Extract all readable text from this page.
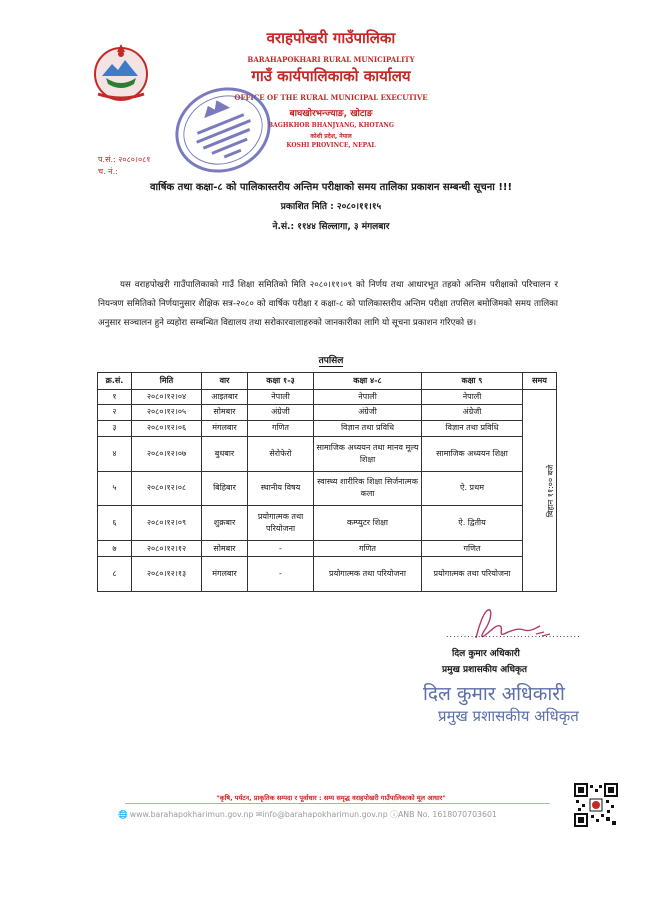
वराहपोखरी गाउँपालिका
BARAHAPOKHARI RURAL MUNICIPALITY
गाउँ कार्यपालिकाको कार्यालय
OFFICE OF THE RURAL MUNICIPAL EXECUTIVE
बाघखोरभन्ज्याङ, खोटाङ
BAGHKHOR BHANJYANG, KHOTANG
कोशी प्रदेश, नेपाल
KOSHI PROVINCE, NEPAL
प.सं.: २०८०।०८१
च. नं.:
वार्षिक तथा कक्षा-८ को पालिकास्तरीय अन्तिम परीक्षाको समय तालिका प्रकाशन सम्बन्धी सूचना !!!
प्रकाशित मिति : २०८०।११।१५
ने.सं.: ११४४ सिल्लागा, ३ मंगलबार
यस वराहपोखरी गाउँपालिकाको गाउँ शिक्षा समितिको मिति २०८०।११।०९ को निर्णय तथा आधारभूत तहको अन्तिम परीक्षाको परिचालन र नियन्त्रण समितिको निर्णयानुसार शैक्षिक सत्र-२०८० को वार्षिक परीक्षा र कक्षा-८ को पालिकास्तरीय अन्तिम परीक्षा तपसिल बमोजिमको समय तालिका अनुसार सञ्चालन हुने व्यहोरा सम्बन्धित विद्यालय तथा सरोकारवालाहरुको जानकारीका लागि यो सूचना प्रकाशन गरिएको छ।
तपसिल
क्र.सं.	मिति	वार	कक्षा १-३	कक्षा ४-८	कक्षा ९	समय
१	२०८०।१२।०४	आइतबार	नेपाली	नेपाली	नेपाली	बिहान ११:०० बजे
२	२०८०।१२।०५	सोमबार	अंग्रेजी	अंग्रेजी	अंग्रेजी	
३	२०८०।१२।०६	मंगलबार	गणित	विज्ञान तथा प्रविधि	विज्ञान तथा प्रविधि	
४	२०८०।१२।०७	बुधबार	सेरोफेरो	सामाजिक अध्ययन तथा मानव मूल्य शिक्षा	सामाजिक अध्ययन शिक्षा	
५	२०८०।१२।०८	बिहिबार	स्थानीय विषय	स्वास्थ्य शारीरिक शिक्षा सिर्जनात्मक कला	ऐ. प्रथम	
६	२०८०।१२।०९	शुक्रबार	प्रयोगात्मक तथा परियोजना	कम्प्युटर शिक्षा	ऐ. द्वितीय	
७	२०८०।१२।१२	सोमबार	-	गणित	गणित	
८	२०८०।१२।१३	मंगलबार	-	प्रयोगात्मक तथा परियोजना	प्रयोगात्मक तथा परियोजना	
......................................
दिल कुमार अधिकारी
प्रमुख प्रशासकीय अधिकृत
दिल कुमार अधिकारी
प्रमुख प्रशासकीय अधिकृत
"कृषि, पर्यटन, प्राकृतिक सम्पदा र पूर्वाधार : सम्य समृद्ध वराहपोखरी गाउँपालिकाको मूल आधार"
🌐 www.barahapokharimun.gov.np ✉info@barahapokharimun.gov.np ⓘANB No. 1618070703601
